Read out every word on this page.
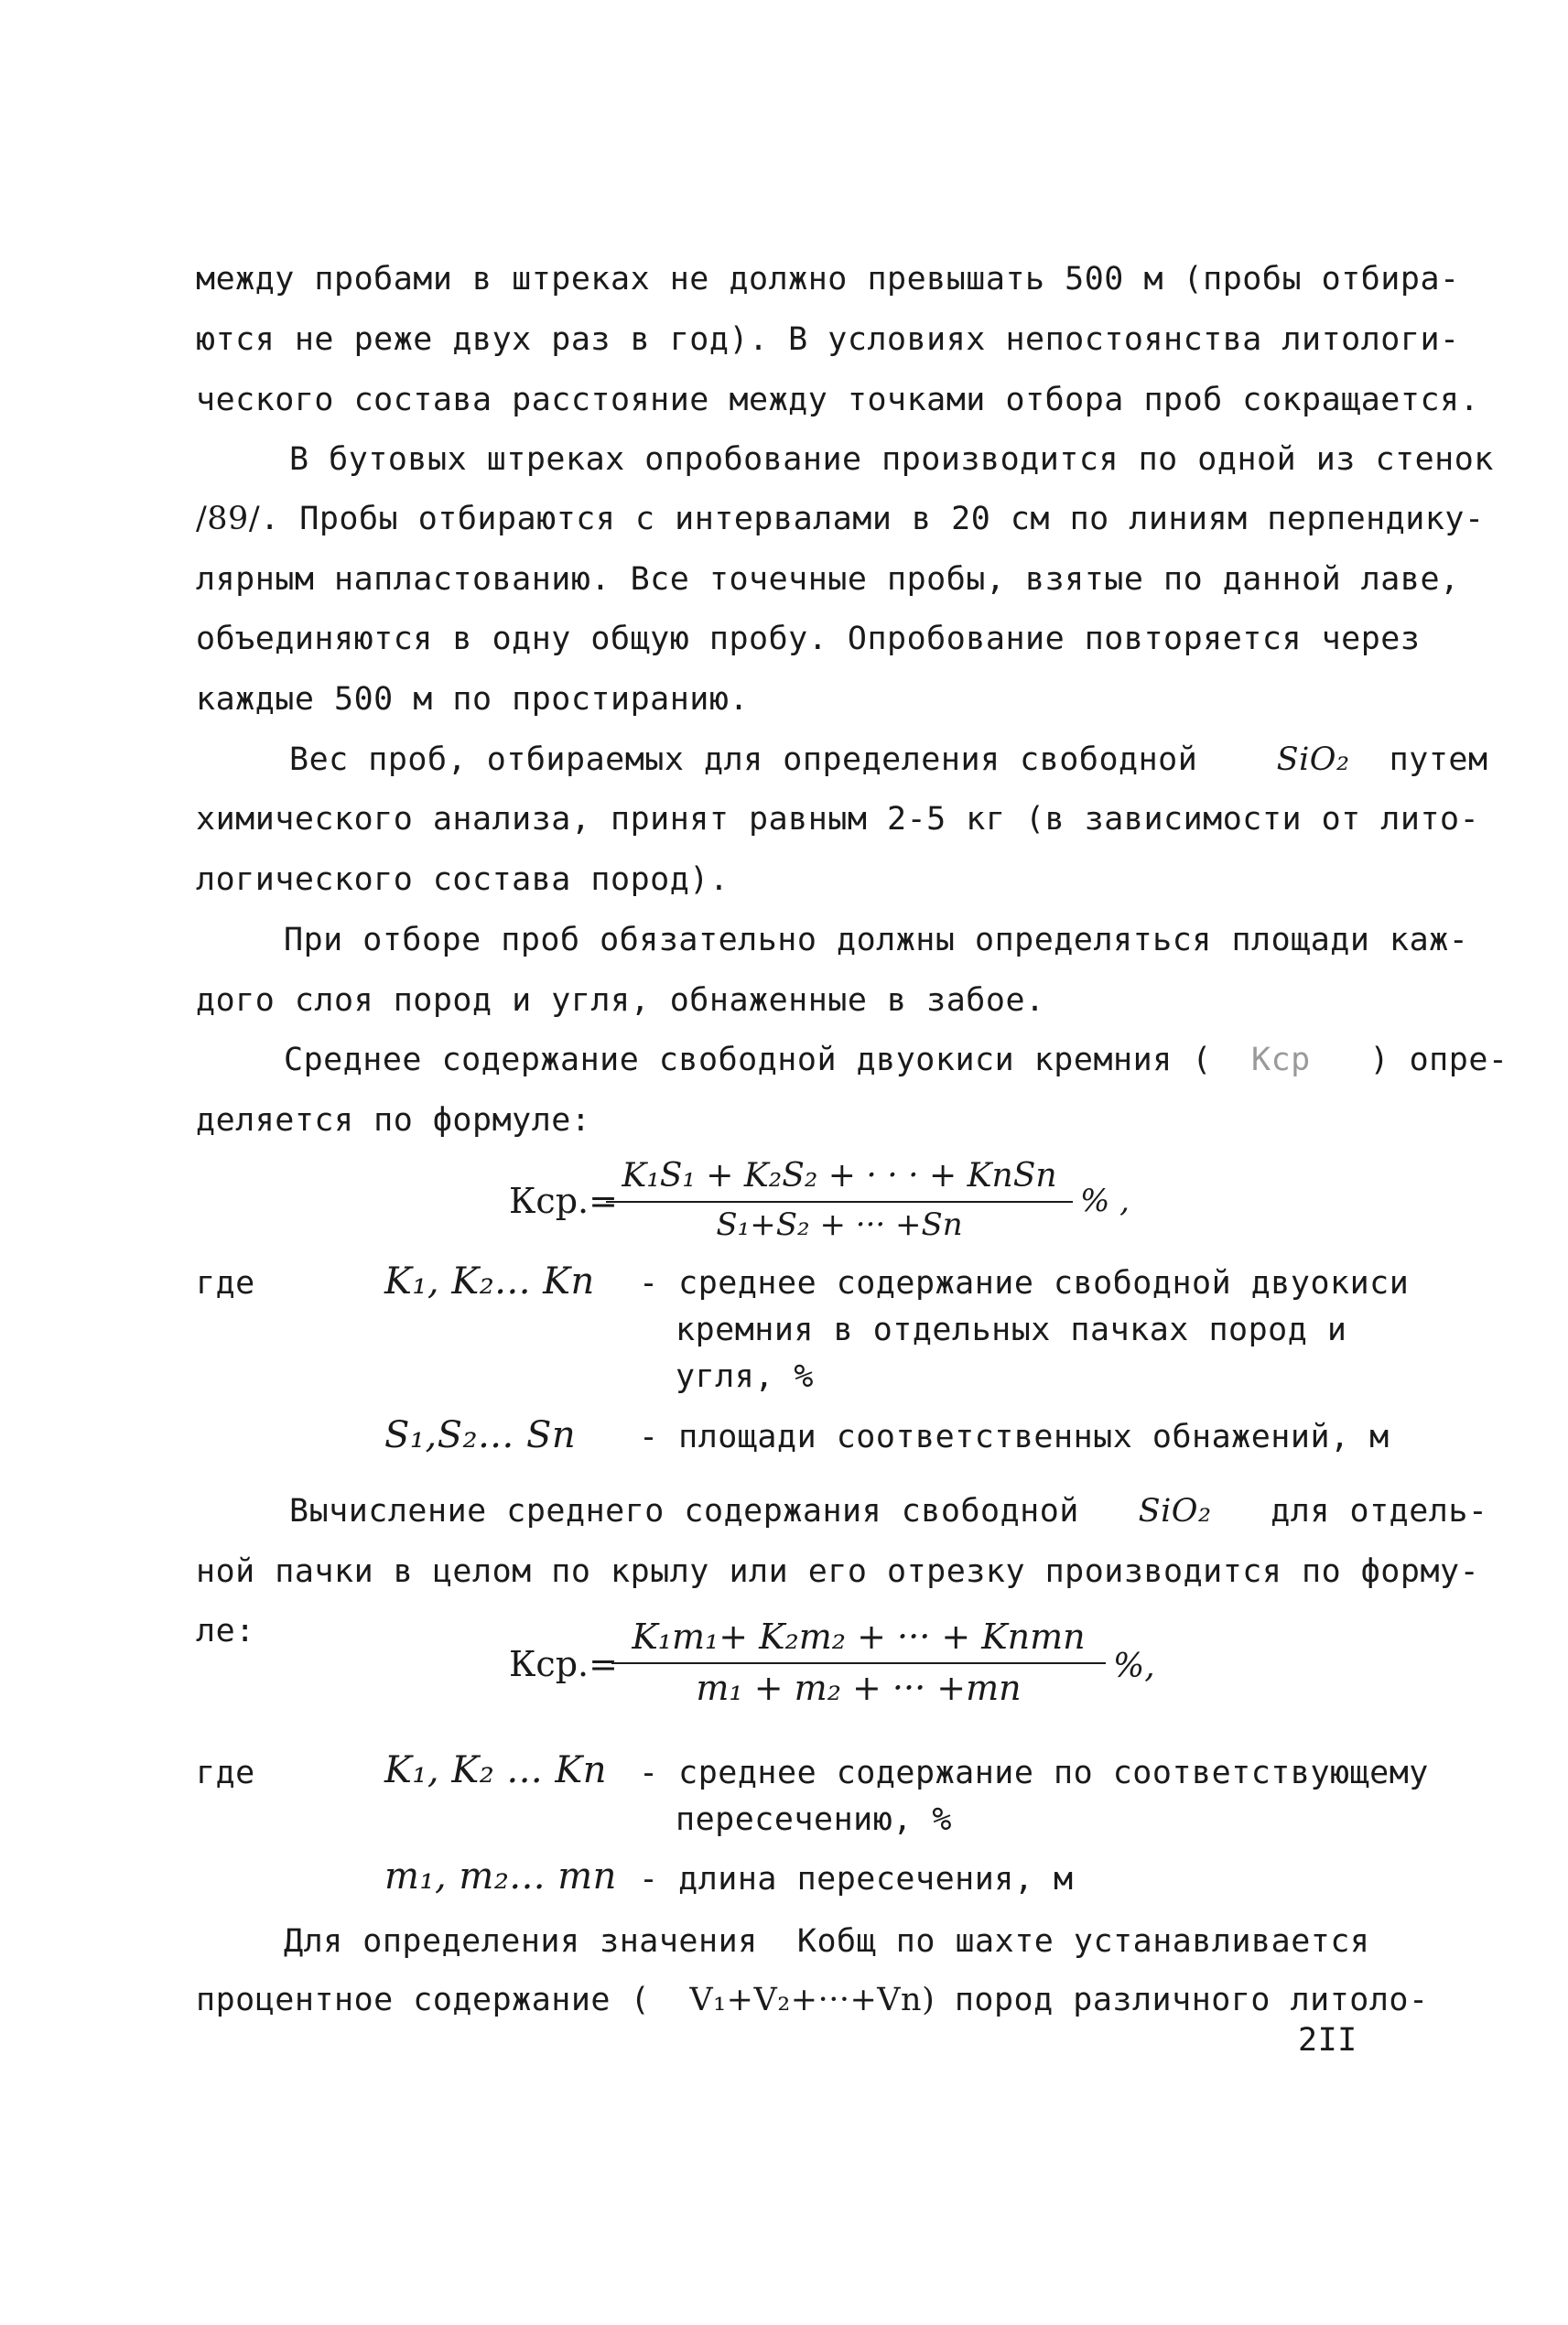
между пробами в штреках не должно превышать 500 м (пробы отбира-
ются не реже двух раз в год). В условиях непостоянства литологи-
ческого состава расстояние между точками отбора проб сокращается.
В бутовых штреках опробование производится по одной из стенок
/89/. Пробы отбираются с интервалами в 20 см по линиям перпендику-
лярным напластованию. Все точечные пробы, взятые по данной лаве,
объединяются в одну общую пробу. Опробование повторяется через
каждые 500 м по простиранию.
Вес проб, отбираемых для определения свободной SiO₂ путем
химического анализа, принят равным 2-5 кг (в зависимости от лито-
логического состава пород).
При отборе проб обязательно должны определяться площади каж-
дого слоя пород и угля, обнаженные в забое.
Среднее содержание свободной двуокиси кремния ( Кср ) опре-
деляется по формуле:
Кср.=
K₁S₁ + K₂S₂ + · · · + KnSn
S₁+S₂ + ··· +Sn
% ,
где	K₁, K₂... Kn - среднее содержание свободной двуокиси
кремния в отдельных пачках пород и
угля, %
S₁,S₂... Sn - площади соответственных обнажений, м
Вычисление среднего содержания свободной SiO₂ для отдель-
ной пачки в целом по крылу или его отрезку производится по форму-
ле:
Кср.=
K₁m₁+ K₂m₂ + ··· + Knmn
m₁ + m₂ + ··· +mn
%,
где	K₁, K₂ ... Kn - среднее содержание по соответствующему
пересечению, %
m₁, m₂... mn - длина пересечения, м
Для определения значения Кобщ по шахте устанавливается
процентное содержание ( V₁+V₂+···+Vn) пород различного литоло-
2II
